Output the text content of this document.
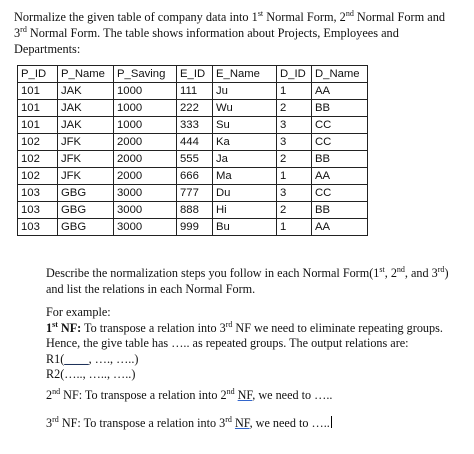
Normalize the given table of company data into 1st Normal Form, 2nd Normal Form and
3rd Normal Form. The table shows information about Projects, Employees and Departments:
P_ID	P_Name	P_Saving	E_ID	E_Name	D_ID	D_Name
101	JAK	1000	111	Ju	1	AA
101	JAK	1000	222	Wu	2	BB
101	JAK	1000	333	Su	3	CC
102	JFK	2000	444	Ka	3	CC
102	JFK	2000	555	Ja	2	BB
102	JFK	2000	666	Ma	1	AA
103	GBG	3000	777	Du	3	CC
103	GBG	3000	888	Hi	2	BB
103	GBG	3000	999	Bu	1	AA
Describe the normalization steps you follow in each Normal Form(1st, 2nd, and 3rd)
and list the relations in each Normal Form.

For example:

1st NF: To transpose a relation into 3rd NF we need to eliminate repeating groups.

Hence, the give table has ….. as repeated groups. The output relations are:

R1(____, …., …..)

R2(….., ….., …..)

2nd NF: To transpose a relation into 2nd NF, we need to …..
3rd NF: To transpose a relation into 3rd NF, we need to …..
